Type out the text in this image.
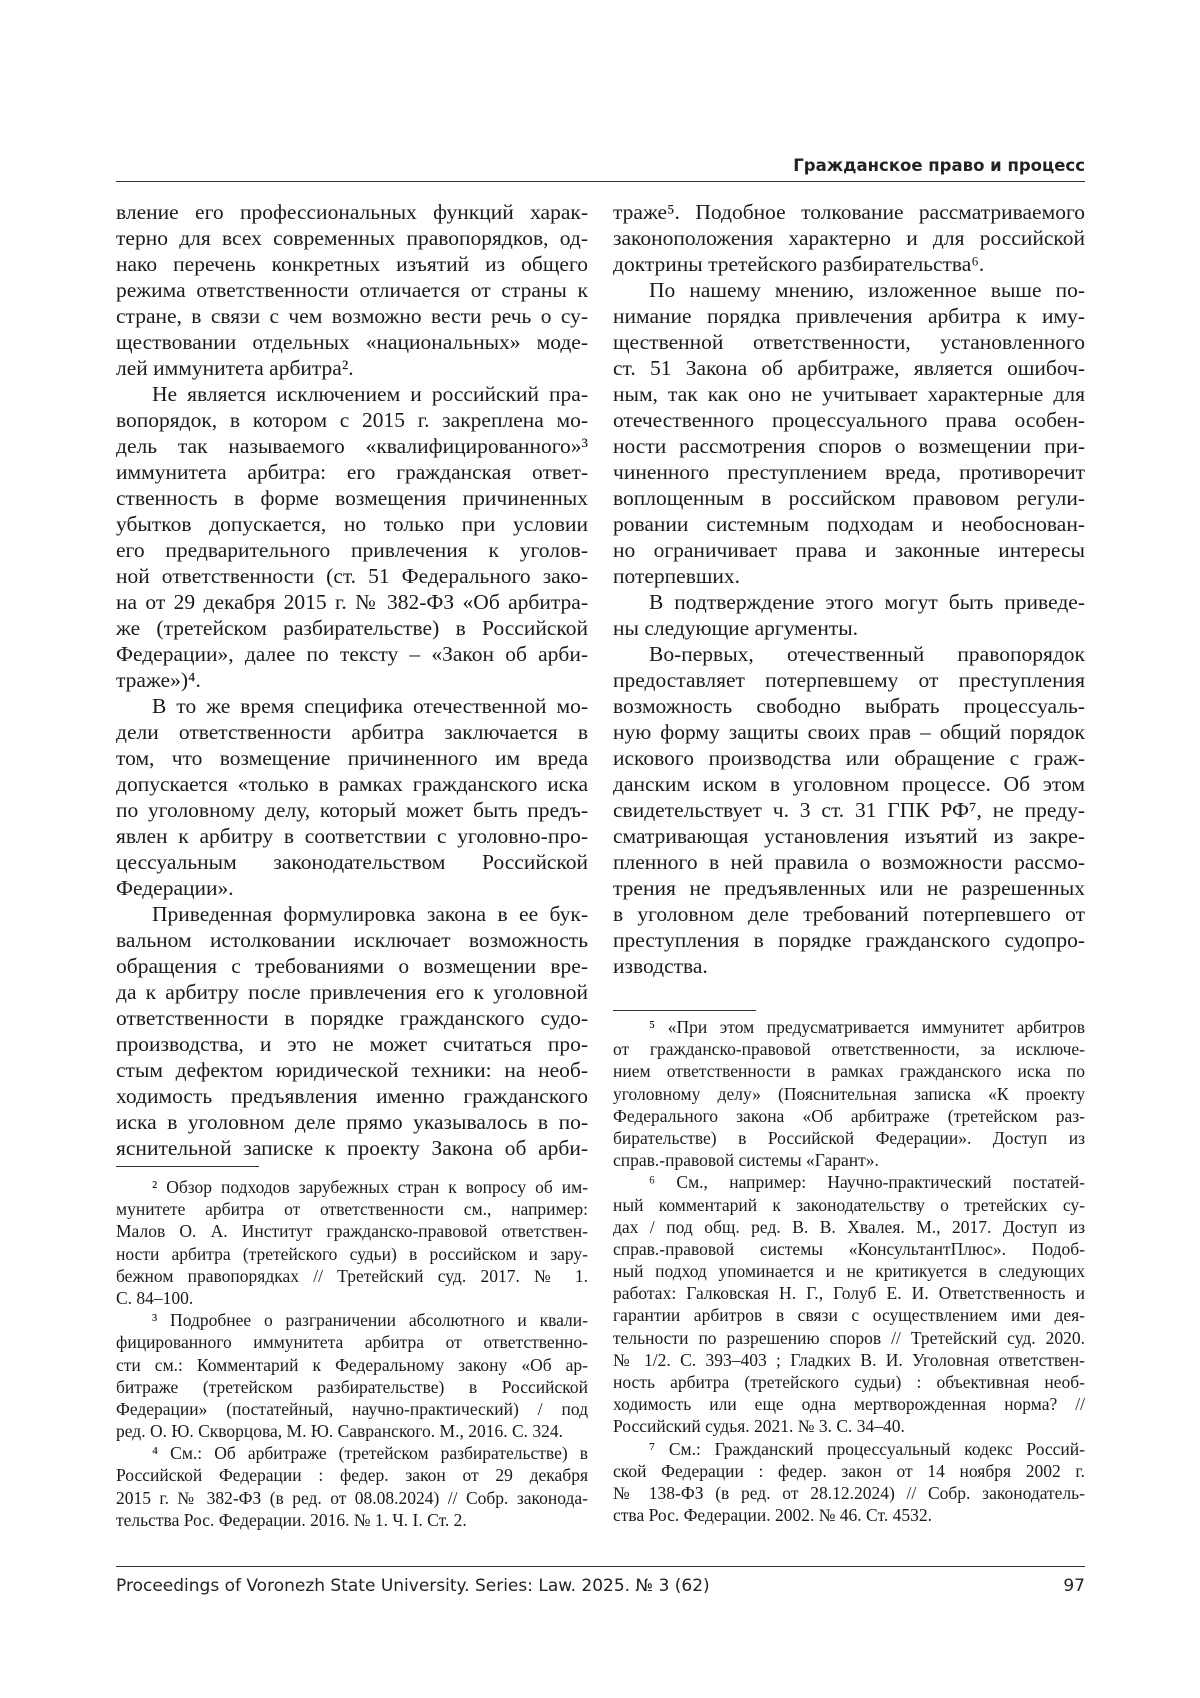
Гражданское право и процесс
вление его профессиональных функций харак-
терно для всех современных правопорядков, од-
нако перечень конкретных изъятий из общего
режима ответственности отличается от страны к
стране, в связи с чем возможно вести речь о су-
ществовании отдельных «национальных» моде-
лей иммунитета арбитра².
Не является исключением и российский пра-
вопорядок, в котором с 2015 г. закреплена мо-
дель так называемого «квалифицированного»³
иммунитета арбитра: его гражданская ответ-
ственность в форме возмещения причиненных
убытков допускается, но только при условии
его предварительного привлечения к уголов-
ной ответственности (ст. 51 Федерального зако-
на от 29 декабря 2015 г. № 382-ФЗ «Об арбитра-
же (третейском разбирательстве) в Российской
Федерации», далее по тексту – «Закон об арби-
траже»)⁴.
В то же время специфика отечественной мо-
дели ответственности арбитра заключается в
том, что возмещение причиненного им вреда
допускается «только в рамках гражданского иска
по уголовному делу, который может быть предъ-
явлен к арбитру в соответствии с уголовно-про-
цессуальным законодательством Российской
Федерации».
Приведенная формулировка закона в ее бук-
вальном истолковании исключает возможность
обращения с требованиями о возмещении вре-
да к арбитру после привлечения его к уголовной
ответственности в порядке гражданского судо-
производства, и это не может считаться про-
стым дефектом юридической техники: на необ-
ходимость предъявления именно гражданского
иска в уголовном деле прямо указывалось в по-
яснительной записке к проекту Закона об арби-
траже⁵. Подобное толкование рассматриваемого
законоположения характерно и для российской
доктрины третейского разбирательства⁶.
По нашему мнению, изложенное выше по-
нимание порядка привлечения арбитра к иму-
щественной ответственности, установленного
ст. 51 Закона об арбитраже, является ошибоч-
ным, так как оно не учитывает характерные для
отечественного процессуального права особен-
ности рассмотрения споров о возмещении при-
чиненного преступлением вреда, противоречит
воплощенным в российском правовом регули-
ровании системным подходам и необоснован-
но ограничивает права и законные интересы
потерпевших.
В подтверждение этого могут быть приведе-
ны следующие аргументы.
Во-первых, отечественный правопорядок
предоставляет потерпевшему от преступления
возможность свободно выбрать процессуаль-
ную форму защиты своих прав – общий порядок
искового производства или обращение с граж-
данским иском в уголовном процессе. Об этом
свидетельствует ч. 3 ст. 31 ГПК РФ⁷, не преду-
сматривающая установления изъятий из закре-
пленного в ней правила о возможности рассмо-
трения не предъявленных или не разрешенных
в уголовном деле требований потерпевшего от
преступления в порядке гражданского судопро-
изводства.
² Обзор подходов зарубежных стран к вопросу об им-
мунитете арбитра от ответственности см., например:
Малов О. А. Институт гражданско-правовой ответствен-
ности арбитра (третейского судьи) в российском и зару-
бежном правопорядках // Третейский суд. 2017. № 1.
С. 84–100.
³ Подробнее о разграничении абсолютного и квали-
фицированного иммунитета арбитра от ответственно-
сти см.: Комментарий к Федеральному закону «Об ар-
битраже (третейском разбирательстве) в Российской
Федерации» (постатейный, научно-практический) / под
ред. О. Ю. Скворцова, М. Ю. Савранского. М., 2016. С. 324.
⁴ См.: Об арбитраже (третейском разбирательстве) в
Российской Федерации : федер. закон от 29 декабря
2015 г. № 382-ФЗ (в ред. от 08.08.2024) // Собр. законода-
тельства Рос. Федерации. 2016. № 1. Ч. I. Ст. 2.
⁵ «При этом предусматривается иммунитет арбитров
от гражданско-правовой ответственности, за исключе-
нием ответственности в рамках гражданского иска по
уголовному делу» (Пояснительная записка «К проекту
Федерального закона «Об арбитраже (третейском раз-
бирательстве) в Российской Федерации». Доступ из
справ.-правовой системы «Гарант».
⁶ См., например: Научно-практический постатей-
ный комментарий к законодательству о третейских су-
дах / под общ. ред. В. В. Хвалея. М., 2017. Доступ из
справ.-правовой системы «КонсультантПлюс». Подоб-
ный подход упоминается и не критикуется в следующих
работах: Галковская Н. Г., Голуб Е. И. Ответственность и
гарантии арбитров в связи с осуществлением ими дея-
тельности по разрешению споров // Третейский суд. 2020.
№ 1/2. С. 393–403 ; Гладких В. И. Уголовная ответствен-
ность арбитра (третейского судьи) : объективная необ-
ходимость или еще одна мертворожденная норма? //
Российский судья. 2021. № 3. С. 34–40.
⁷ См.: Гражданский процессуальный кодекс Россий-
ской Федерации : федер. закон от 14 ноября 2002 г.
№ 138-ФЗ (в ред. от 28.12.2024) // Собр. законодатель-
ства Рос. Федерации. 2002. № 46. Ст. 4532.
Proceedings of Voronezh State University. Series: Law. 2025. № 3 (62)	97
